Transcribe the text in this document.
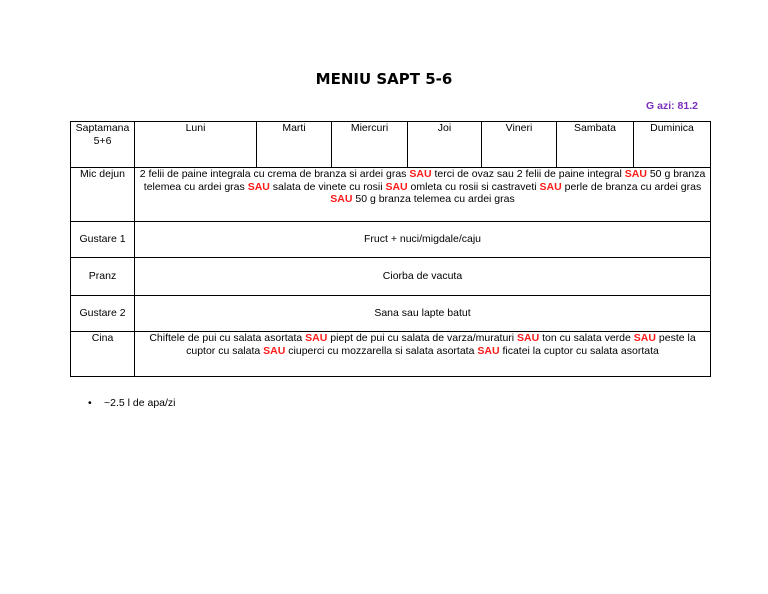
MENIU SAPT 5-6
G azi: 81.2
Saptamana 5+6	Luni	Marti	Miercuri	Joi	Vineri	Sambata	Duminica
Mic dejun	2 felii de paine integrala cu crema de branza si ardei gras SAU terci de ovaz sau 2 felii de paine integral SAU 50 g branza telemea cu ardei gras SAU salata de vinete cu rosii SAU omleta cu rosii si castraveti SAU perle de branza cu ardei gras SAU 50 g branza telemea cu ardei gras						
Gustare 1	Fruct + nuci/migdale/caju						
Pranz	Ciorba de vacuta						
Gustare 2	Sana sau lapte batut						
Cina	Chiftele de pui cu salata asortata SAU piept de pui cu salata de varza/muraturi SAU ton cu salata verde SAU peste la cuptor cu salata SAU ciuperci cu mozzarella si salata asortata SAU ficatei la cuptor cu salata asortata						
• ~2.5 l de apa/zi
